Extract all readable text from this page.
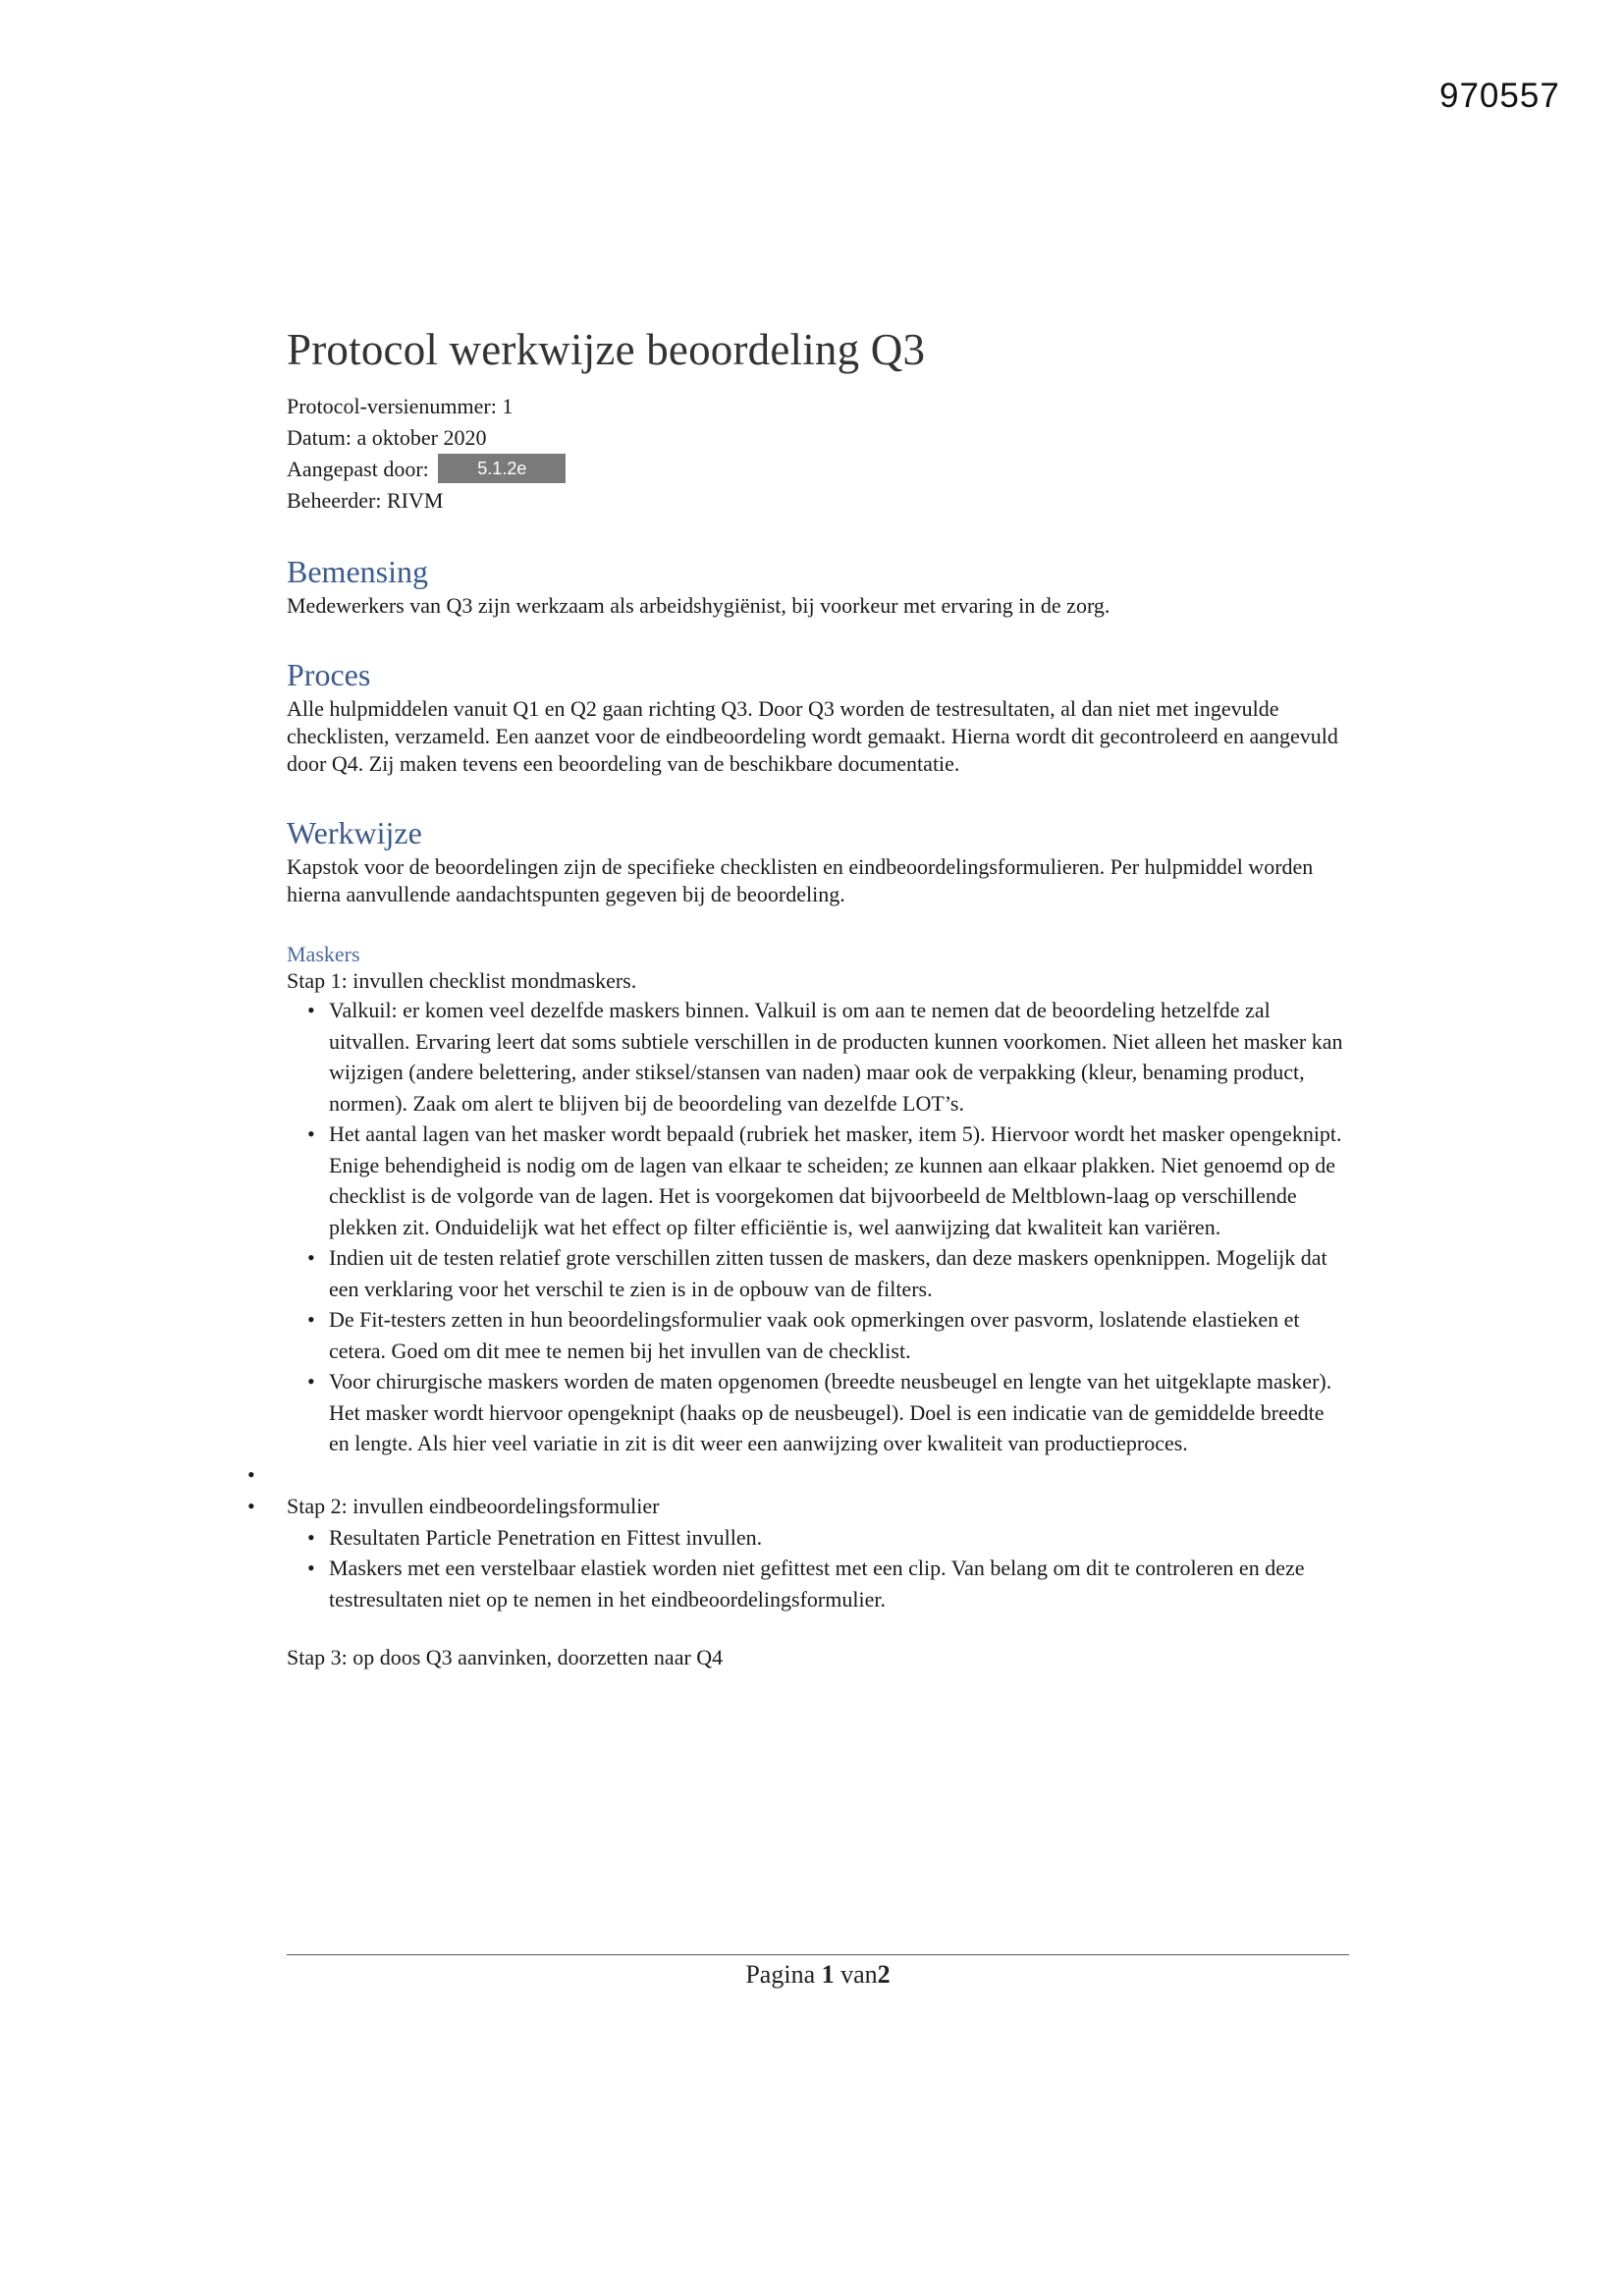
970557
Protocol werkwijze beoordeling Q3
Protocol-versienummer: 1
Datum: a oktober 2020
Aangepast door:	5.1.2e
Beheerder: RIVM
Bemensing

Medewerkers van Q3 zijn werkzaam als arbeidshygiënist, bij voorkeur met ervaring in de zorg.

Proces

Alle hulpmiddelen vanuit Q1 en Q2 gaan richting Q3. Door Q3 worden de testresultaten, al dan niet met ingevulde checklisten, verzameld. Een aanzet voor de eindbeoordeling wordt gemaakt. Hierna wordt dit gecontroleerd en aangevuld door Q4. Zij maken tevens een beoordeling van de beschikbare documentatie.

Werkwijze

Kapstok voor de beoordelingen zijn de specifieke checklisten en eindbeoordelingsformulieren. Per hulpmiddel worden hierna aanvullende aandachtspunten gegeven bij de beoordeling.

Maskers

Stap 1: invullen checklist mondmaskers.

• Valkuil: er komen veel dezelfde maskers binnen. Valkuil is om aan te nemen dat de beoordeling hetzelfde zal uitvallen. Ervaring leert dat soms subtiele verschillen in de producten kunnen voorkomen. Niet alleen het masker kan wijzigen (andere belettering, ander stiksel/stansen van naden) maar ook de verpakking (kleur, benaming product, normen). Zaak om alert te blijven bij de beoordeling van dezelfde LOT’s.
• Het aantal lagen van het masker wordt bepaald (rubriek het masker, item 5). Hiervoor wordt het masker opengeknipt. Enige behendigheid is nodig om de lagen van elkaar te scheiden; ze kunnen aan elkaar plakken. Niet genoemd op de checklist is de volgorde van de lagen. Het is voorgekomen dat bijvoorbeeld de Meltblown-laag op verschillende plekken zit. Onduidelijk wat het effect op filter efficiëntie is, wel aanwijzing dat kwaliteit kan variëren.
• Indien uit de testen relatief grote verschillen zitten tussen de maskers, dan deze maskers openknippen. Mogelijk dat een verklaring voor het verschil te zien is in de opbouw van de filters.
• De Fit-testers zetten in hun beoordelingsformulier vaak ook opmerkingen over pasvorm, loslatende elastieken et cetera. Goed om dit mee te nemen bij het invullen van de checklist.
• Voor chirurgische maskers worden de maten opgenomen (breedte neusbeugel en lengte van het uitgeklapte masker). Het masker wordt hiervoor opengeknipt (haaks op de neusbeugel). Doel is een indicatie van de gemiddelde breedte en lengte. Als hier veel variatie in zit is dit weer een aanwijzing over kwaliteit van productieproces.
•

• Stap 2: invullen eindbeoordelingsformulier
• Resultaten Particle Penetration en Fittest invullen.
• Maskers met een verstelbaar elastiek worden niet gefittest met een clip. Van belang om dit te controleren en deze testresultaten niet op te nemen in het eindbeoordelingsformulier.

Stap 3: op doos Q3 aanvinken, doorzetten naar Q4

Pagina 1 van2
